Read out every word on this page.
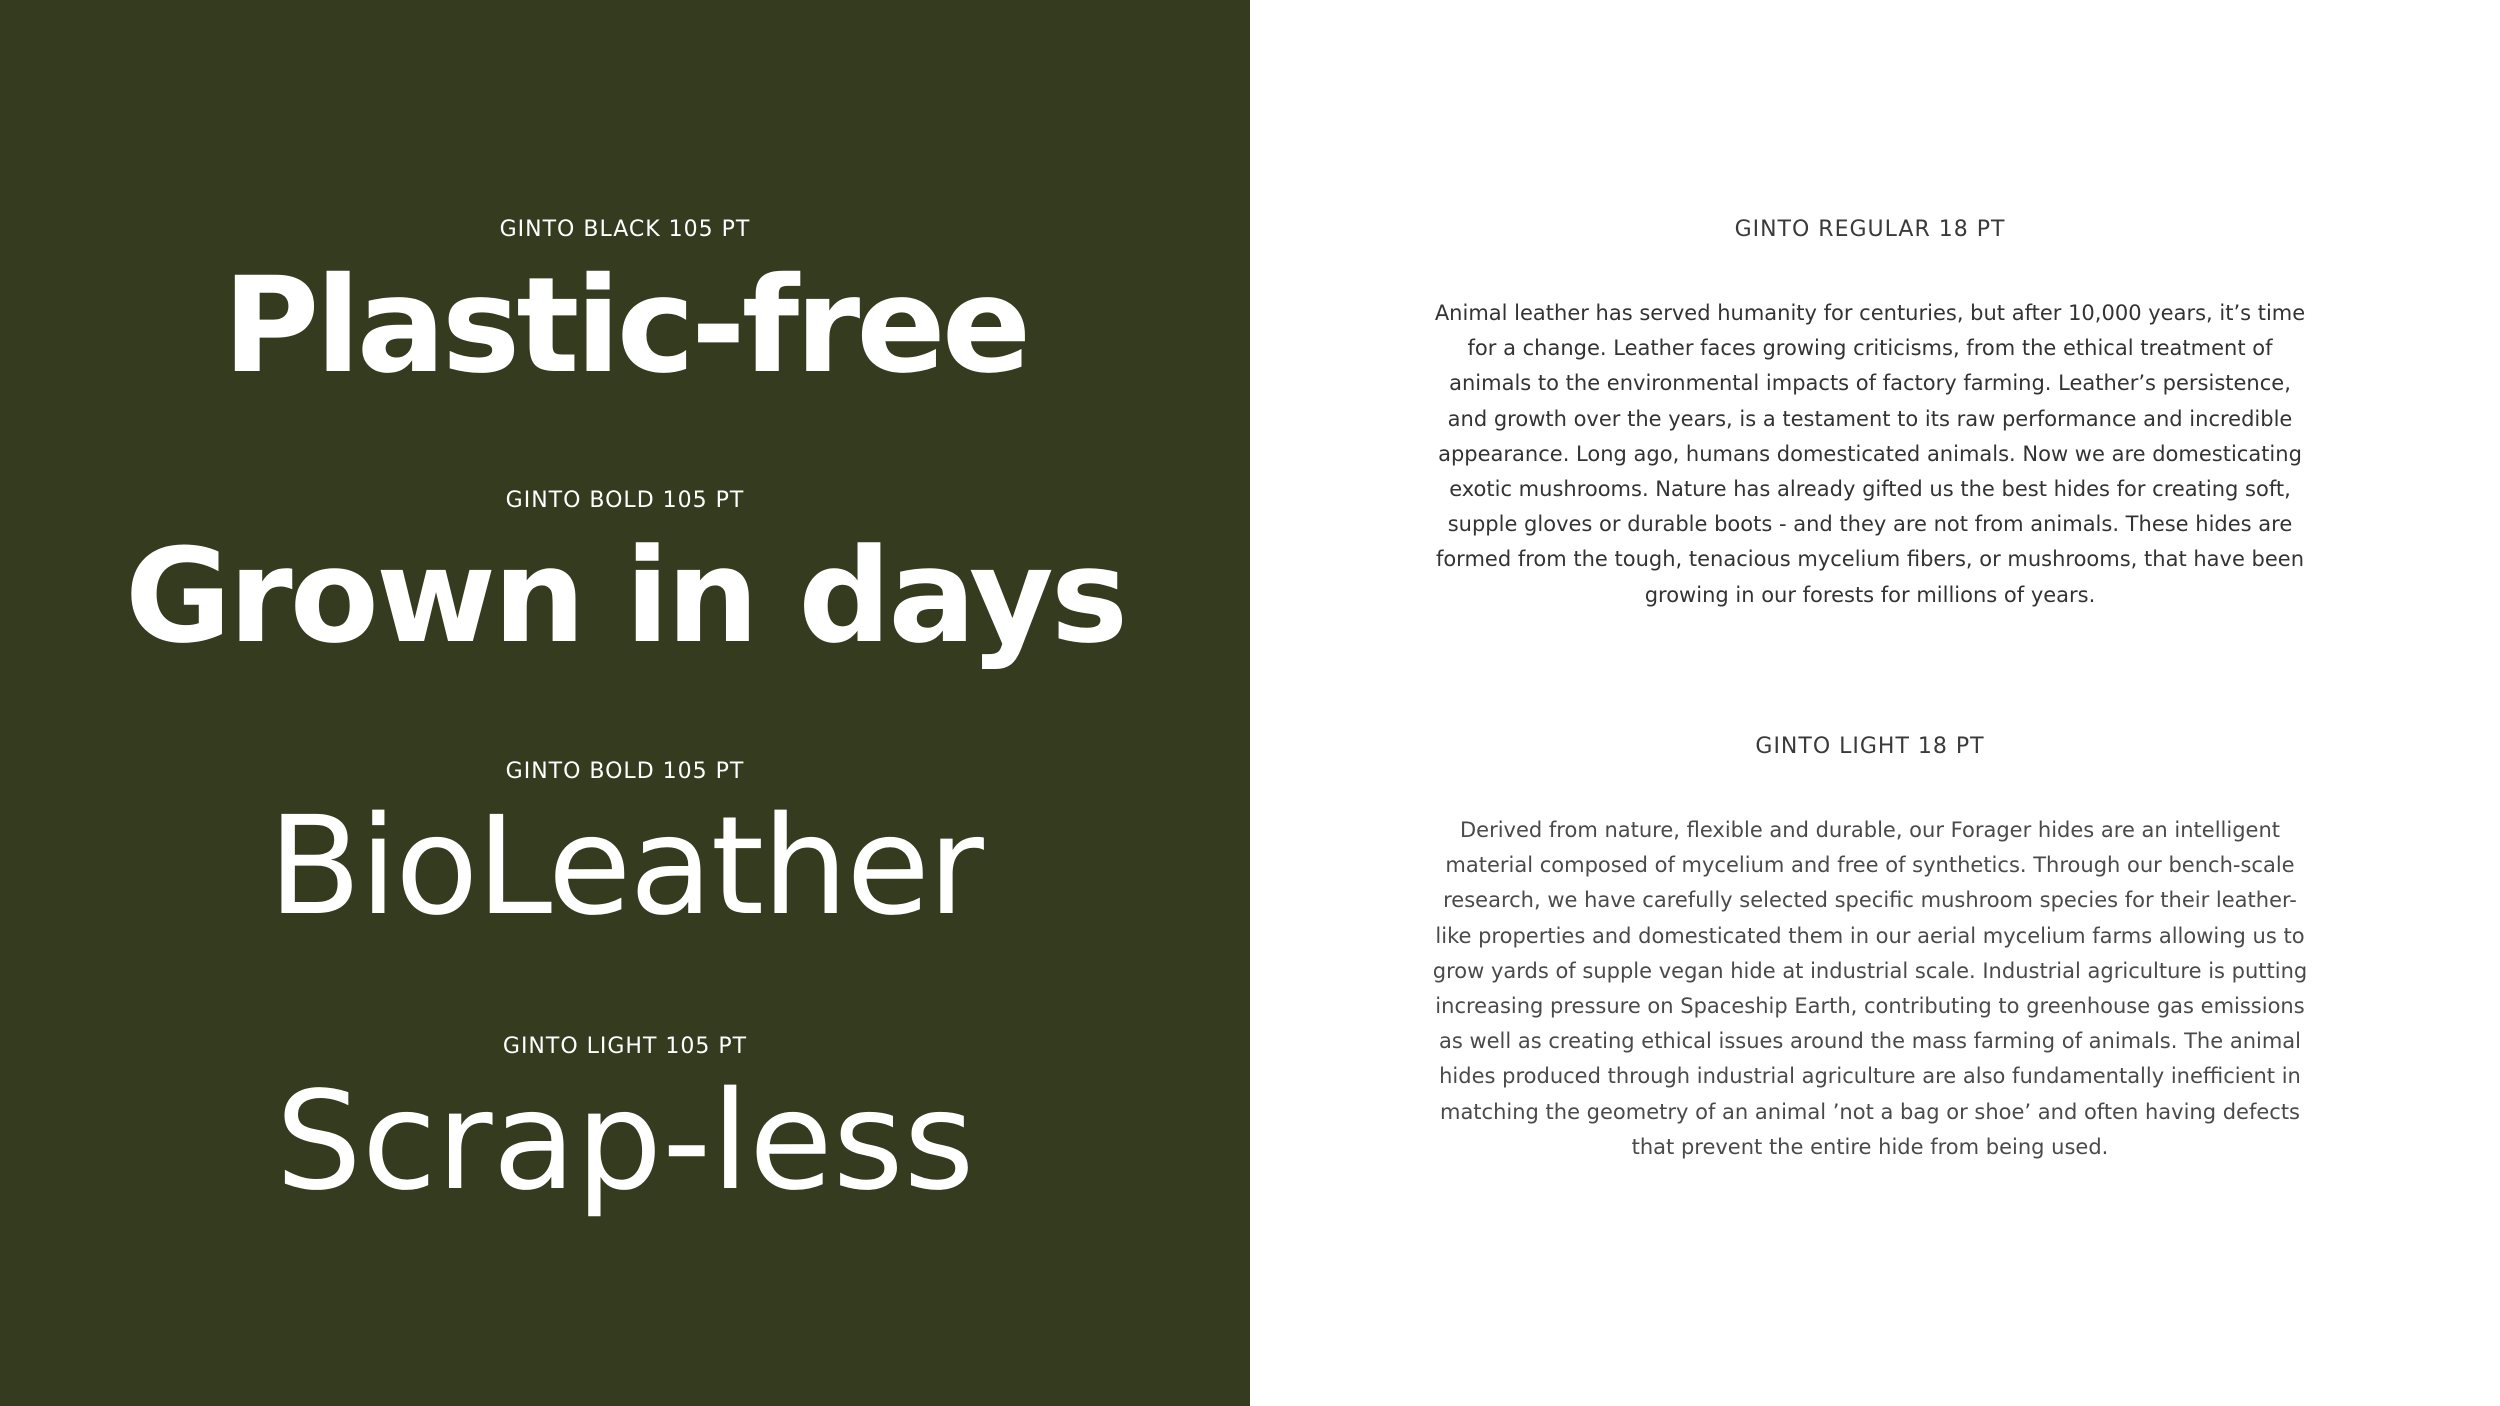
GINTO BLACK 105 PT
Plastic-free
GINTO BOLD 105 PT
Grown in days
GINTO BOLD 105 PT
BioLeather
GINTO LIGHT 105 PT
Scrap-less
GINTO REGULAR 18 PT
Animal leather has served humanity for centuries, but after 10,000 years, it’s time for a change. Leather faces growing criticisms, from the ethical treatment of animals to the environmental impacts of factory farming. Leather’s persistence, and growth over the years, is a testament to its raw performance and incredible appearance. Long ago, humans domesticated animals. Now we are domesticating exotic mushrooms. Nature has already gifted us the best hides for creating soft, supple gloves or durable boots - and they are not from animals. These hides are formed from the tough, tenacious mycelium fibers, or mushrooms, that have been growing in our forests for millions of years.
GINTO LIGHT 18 PT
Derived from nature, flexible and durable, our Forager hides are an intelligent material composed of mycelium and free of synthetics. Through our bench-scale research, we have carefully selected specific mushroom species for their leather-like properties and domesticated them in our aerial mycelium farms allowing us to grow yards of supple vegan hide at industrial scale. Industrial agriculture is putting increasing pressure on Spaceship Earth, contributing to greenhouse gas emissions as well as creating ethical issues around the mass farming of animals. The animal hides produced through industrial agriculture are also fundamentally inefficient in matching the geometry of an animal ’not a bag or shoe’ and often having defects that prevent the entire hide from being used.
